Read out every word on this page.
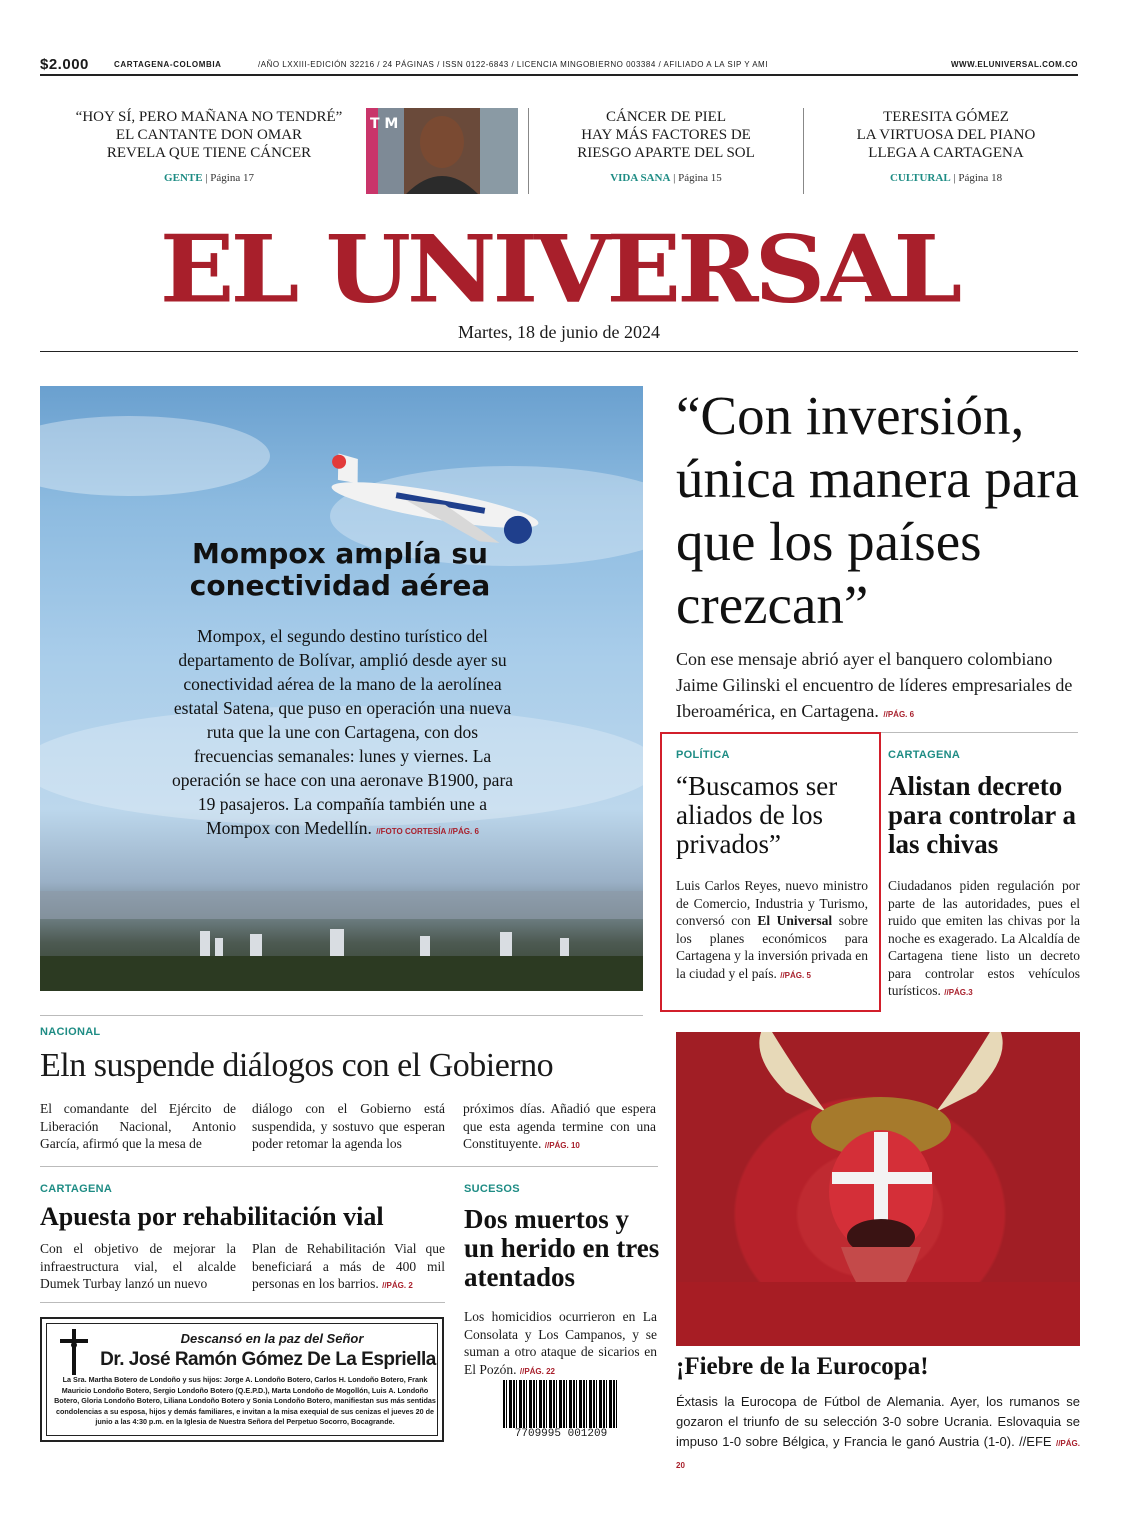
$2.000	CARTAGENA-COLOMBIA	/AÑO LXXIII-EDICIÓN 32216 / 24 PÁGINAS / ISSN 0122-6843 / LICENCIA MINGOBIERNO 003384 / AFILIADO A LA SIP Y AMI	WWW.ELUNIVERSAL.COM.CO
“HOY SÍ, PERO MAÑANA NO TENDRÉ”
EL CANTANTE DON OMAR
REVELA QUE TIENE CÁNCER
GENTE | Página 17
T M	CÁNCER DE PIEL
HAY MÁS FACTORES DE
RIESGO APARTE DEL SOL
VIDA SANA | Página 15
TERESITA GÓMEZ
LA VIRTUOSA DEL PIANO
LLEGA A CARTAGENA
CULTURAL | Página 18
EL UNIVERSAL
Martes, 18 de junio de 2024
Mompox amplía su
conectividad aérea
Mompox, el segundo destino turístico del departamento de Bolívar, amplió desde ayer su conectividad aérea de la mano de la aerolínea estatal Satena, que puso en operación una nueva ruta que la une con Cartagena, con dos frecuencias semanales: lunes y viernes. La operación se hace con una aeronave B1900, para 19 pasajeros. La compañía también une a Mompox con Medellín. //FOTO CORTESÍA //PÁG. 6
“Con inversión, única manera para que los países crezcan”
Con ese mensaje abrió ayer el banquero colombiano Jaime Gilinski el encuentro de líderes empresariales de Iberoamérica, en Cartagena. //PÁG. 6
POLÍTICA
“Buscamos ser aliados de los privados”
Luis Carlos Reyes, nuevo ministro de Comercio, Industria y Turismo, conversó con El Universal sobre los planes económicos para Cartagena y la inversión privada en la ciudad y el país. //PÁG. 5
CARTAGENA
Alistan decreto para controlar a las chivas
Ciudadanos piden regulación por parte de las autoridades, pues el ruido que emiten las chivas por la noche es exagerado. La Alcaldía de Cartagena tiene listo un decreto para controlar estos vehículos turísticos. //PÁG.3
NACIONAL
Eln suspende diálogos con el Gobierno
El comandante del Ejército de Liberación Nacional, Antonio García, afirmó que la mesa de
diálogo con el Gobierno está suspendida, y sostuvo que esperan poder retomar la agenda los
próximos días. Añadió que espera que esta agenda termine con una Constituyente. //PÁG. 10
CARTAGENA
Apuesta por rehabilitación vial
Con el objetivo de mejorar la infraestructura vial, el alcalde Dumek Turbay lanzó un nuevo
Plan de Rehabilitación Vial que beneficiará a más de 400 mil personas en los barrios. //PÁG. 2
SUCESOS
Dos muertos y un herido en tres atentados
Los homicidios ocurrieron en La Consolata y Los Campanos, y se suman a otro ataque de sicarios en El Pozón. //PÁG. 22
Descansó en la paz del Señor
Dr. José Ramón Gómez De La Espriella
La Sra. Martha Botero de Londoño y sus hijos: Jorge A. Londoño Botero, Carlos H. Londoño Botero, Frank Mauricio Londoño Botero, Sergio Londoño Botero (Q.E.P.D.), Marta Londoño de Mogollón, Luis A. Londoño Botero, Gloria Londoño Botero, Liliana Londoño Botero y Sonia Londoño Botero, manifiestan sus más sentidas condolencias a su esposa, hijos y demás familiares, e invitan a la misa exequial de sus cenizas el jueves 20 de junio a las 4:30 p.m. en la Iglesia de Nuestra Señora del Perpetuo Socorro, Bocagrande.
7709995 001209
¡Fiebre de la Eurocopa!
Éxtasis la Eurocopa de Fútbol de Alemania. Ayer, los rumanos se gozaron el triunfo de su selección 3-0 sobre Ucrania. Eslovaquia se impuso 1-0 sobre Bélgica, y Francia le ganó Austria (1-0). //EFE //PÁG. 20
